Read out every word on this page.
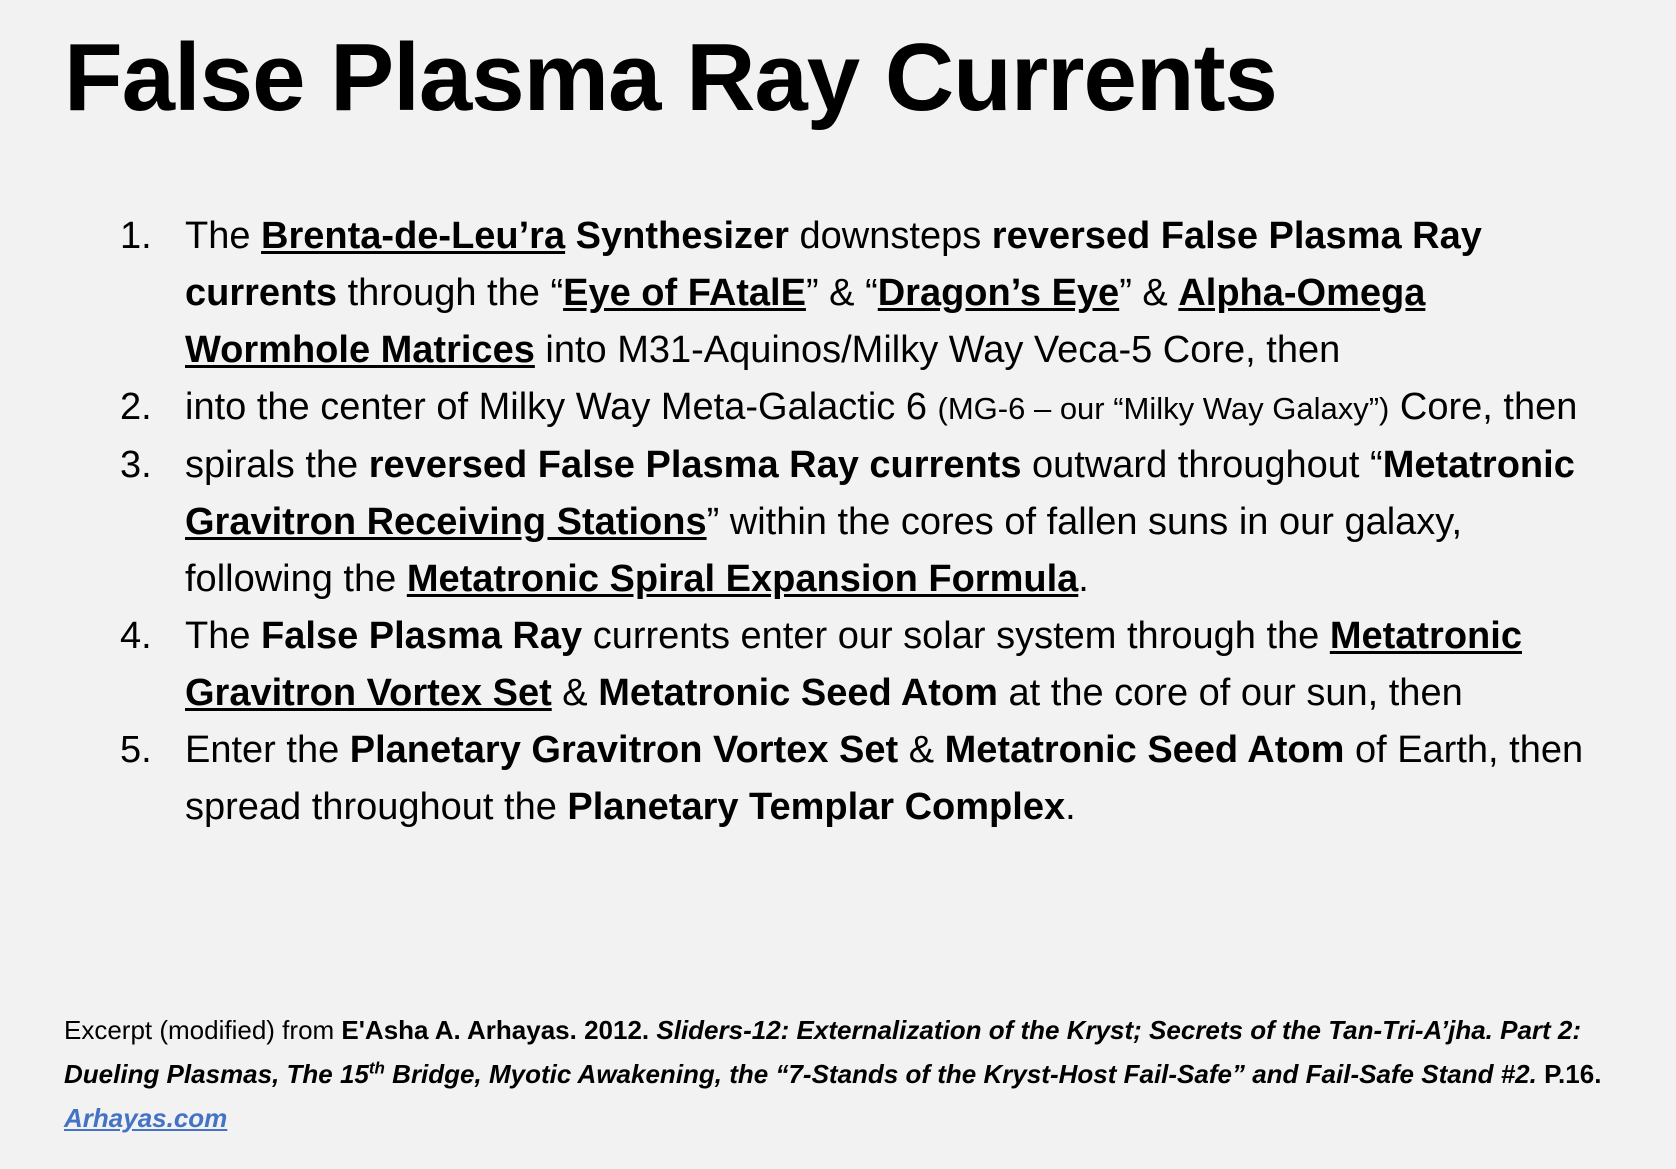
False Plasma Ray Currents
1. The Brenta-de-Leu’ra Synthesizer downsteps reversed False Plasma Ray currents through the “Eye of FAtalE” & “Dragon’s Eye” & Alpha-Omega Wormhole Matrices into M31-Aquinos/Milky Way Veca-5 Core, then
2. into the center of Milky Way Meta-Galactic 6 (MG-6 – our “Milky Way Galaxy”) Core, then
3. spirals the reversed False Plasma Ray currents outward throughout “Metatronic Gravitron Receiving Stations” within the cores of fallen suns in our galaxy, following the Metatronic Spiral Expansion Formula.
4. The False Plasma Ray currents enter our solar system through the Metatronic Gravitron Vortex Set & Metatronic Seed Atom at the core of our sun, then
5. Enter the Planetary Gravitron Vortex Set & Metatronic Seed Atom of Earth, then spread throughout the Planetary Templar Complex.
Excerpt (modified) from E'Asha A. Arhayas. 2012. Sliders-12: Externalization of the Kryst; Secrets of the Tan-Tri-A’jha. Part 2: Dueling Plasmas, The 15th Bridge, Myotic Awakening, the “7-Stands of the Kryst-Host Fail-Safe” and Fail-Safe Stand #2. P.16. Arhayas.com
